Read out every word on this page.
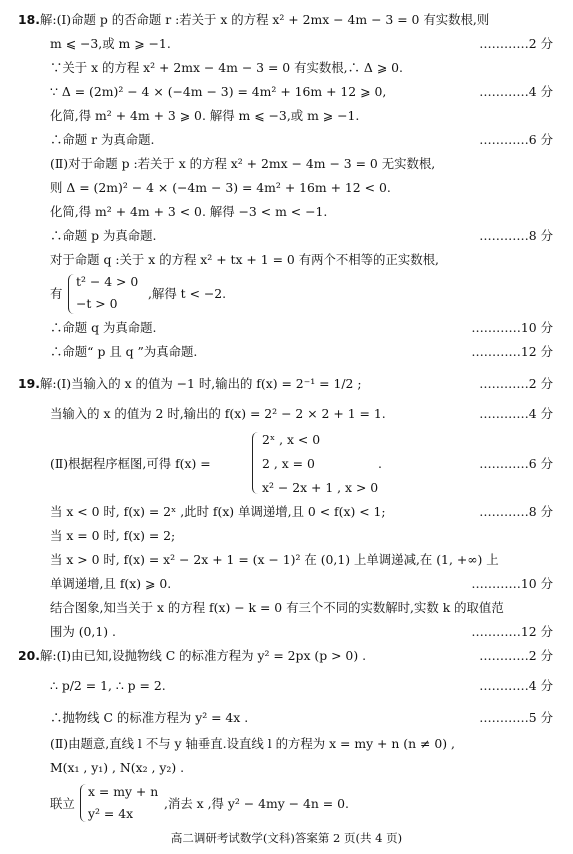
18. 解:(Ⅰ)命题 p 的否命题 r :若关于 x 的方程 x² + 2mx − 4m − 3 = 0 有实数根,则
m ⩽ −3,或 m ⩾ −1.	…………2 分
∵关于 x 的方程 x² + 2mx − 4m − 3 = 0 有实数根,∴ Δ ⩾ 0.
∵ Δ = (2m)² − 4 × (−4m − 3) = 4m² + 16m + 12 ⩾ 0,	…………4 分
化简,得 m² + 4m + 3 ⩾ 0. 解得 m ⩽ −3,或 m ⩾ −1.
∴命题 r 为真命题.	…………6 分
(Ⅱ)对于命题 p :若关于 x 的方程 x² + 2mx − 4m − 3 = 0 无实数根,
则 Δ = (2m)² − 4 × (−4m − 3) = 4m² + 16m + 12 < 0.
化简,得 m² + 4m + 3 < 0. 解得 −3 < m < −1.
∴命题 p 为真命题.	…………8 分
对于命题 q :关于 x 的方程 x² + tx + 1 = 0 有两个不相等的正实数根,
有
t² − 4 > 0
−t > 0
,解得 t < −2.
∴命题 q 为真命题.	…………10 分
∴命题“ p 且 q ”为真命题.	…………12 分
19. 解:(Ⅰ)当输入的 x 的值为 −1 时,输出的 f(x) = 2⁻¹ = 1/2 ;	…………2 分
当输入的 x 的值为 2 时,输出的 f(x) = 2² − 2 × 2 + 1 = 1.	…………4 分
(Ⅱ)根据程序框图,可得 f(x) =	…………6 分
2ˣ , x < 0
2 , x = 0	.
x² − 2x + 1 , x > 0
当 x < 0 时, f(x) = 2ˣ ,此时 f(x) 单调递增,且 0 < f(x) < 1;	…………8 分
当 x = 0 时, f(x) = 2;
当 x > 0 时, f(x) = x² − 2x + 1 = (x − 1)² 在 (0,1) 上单调递减,在 (1, +∞) 上
单调递增,且 f(x) ⩾ 0.	…………10 分
结合图象,知当关于 x 的方程 f(x) − k = 0 有三个不同的实数解时,实数 k 的取值范
围为 (0,1) .	…………12 分
20. 解:(Ⅰ)由已知,设抛物线 C 的标准方程为 y² = 2px (p > 0) .	…………2 分
∴ p/2 = 1, ∴ p = 2.	…………4 分
∴抛物线 C 的标准方程为 y² = 4x .	…………5 分
(Ⅱ)由题意,直线 l 不与 y 轴垂直.设直线 l 的方程为 x = my + n (n ≠ 0) ,
M(x₁ , y₁) , N(x₂ , y₂) .
联立
x = my + n
y² = 4x
,消去 x ,得 y² − 4my − 4n = 0.
高二调研考试数学(文科)答案第 2 页(共 4 页)
